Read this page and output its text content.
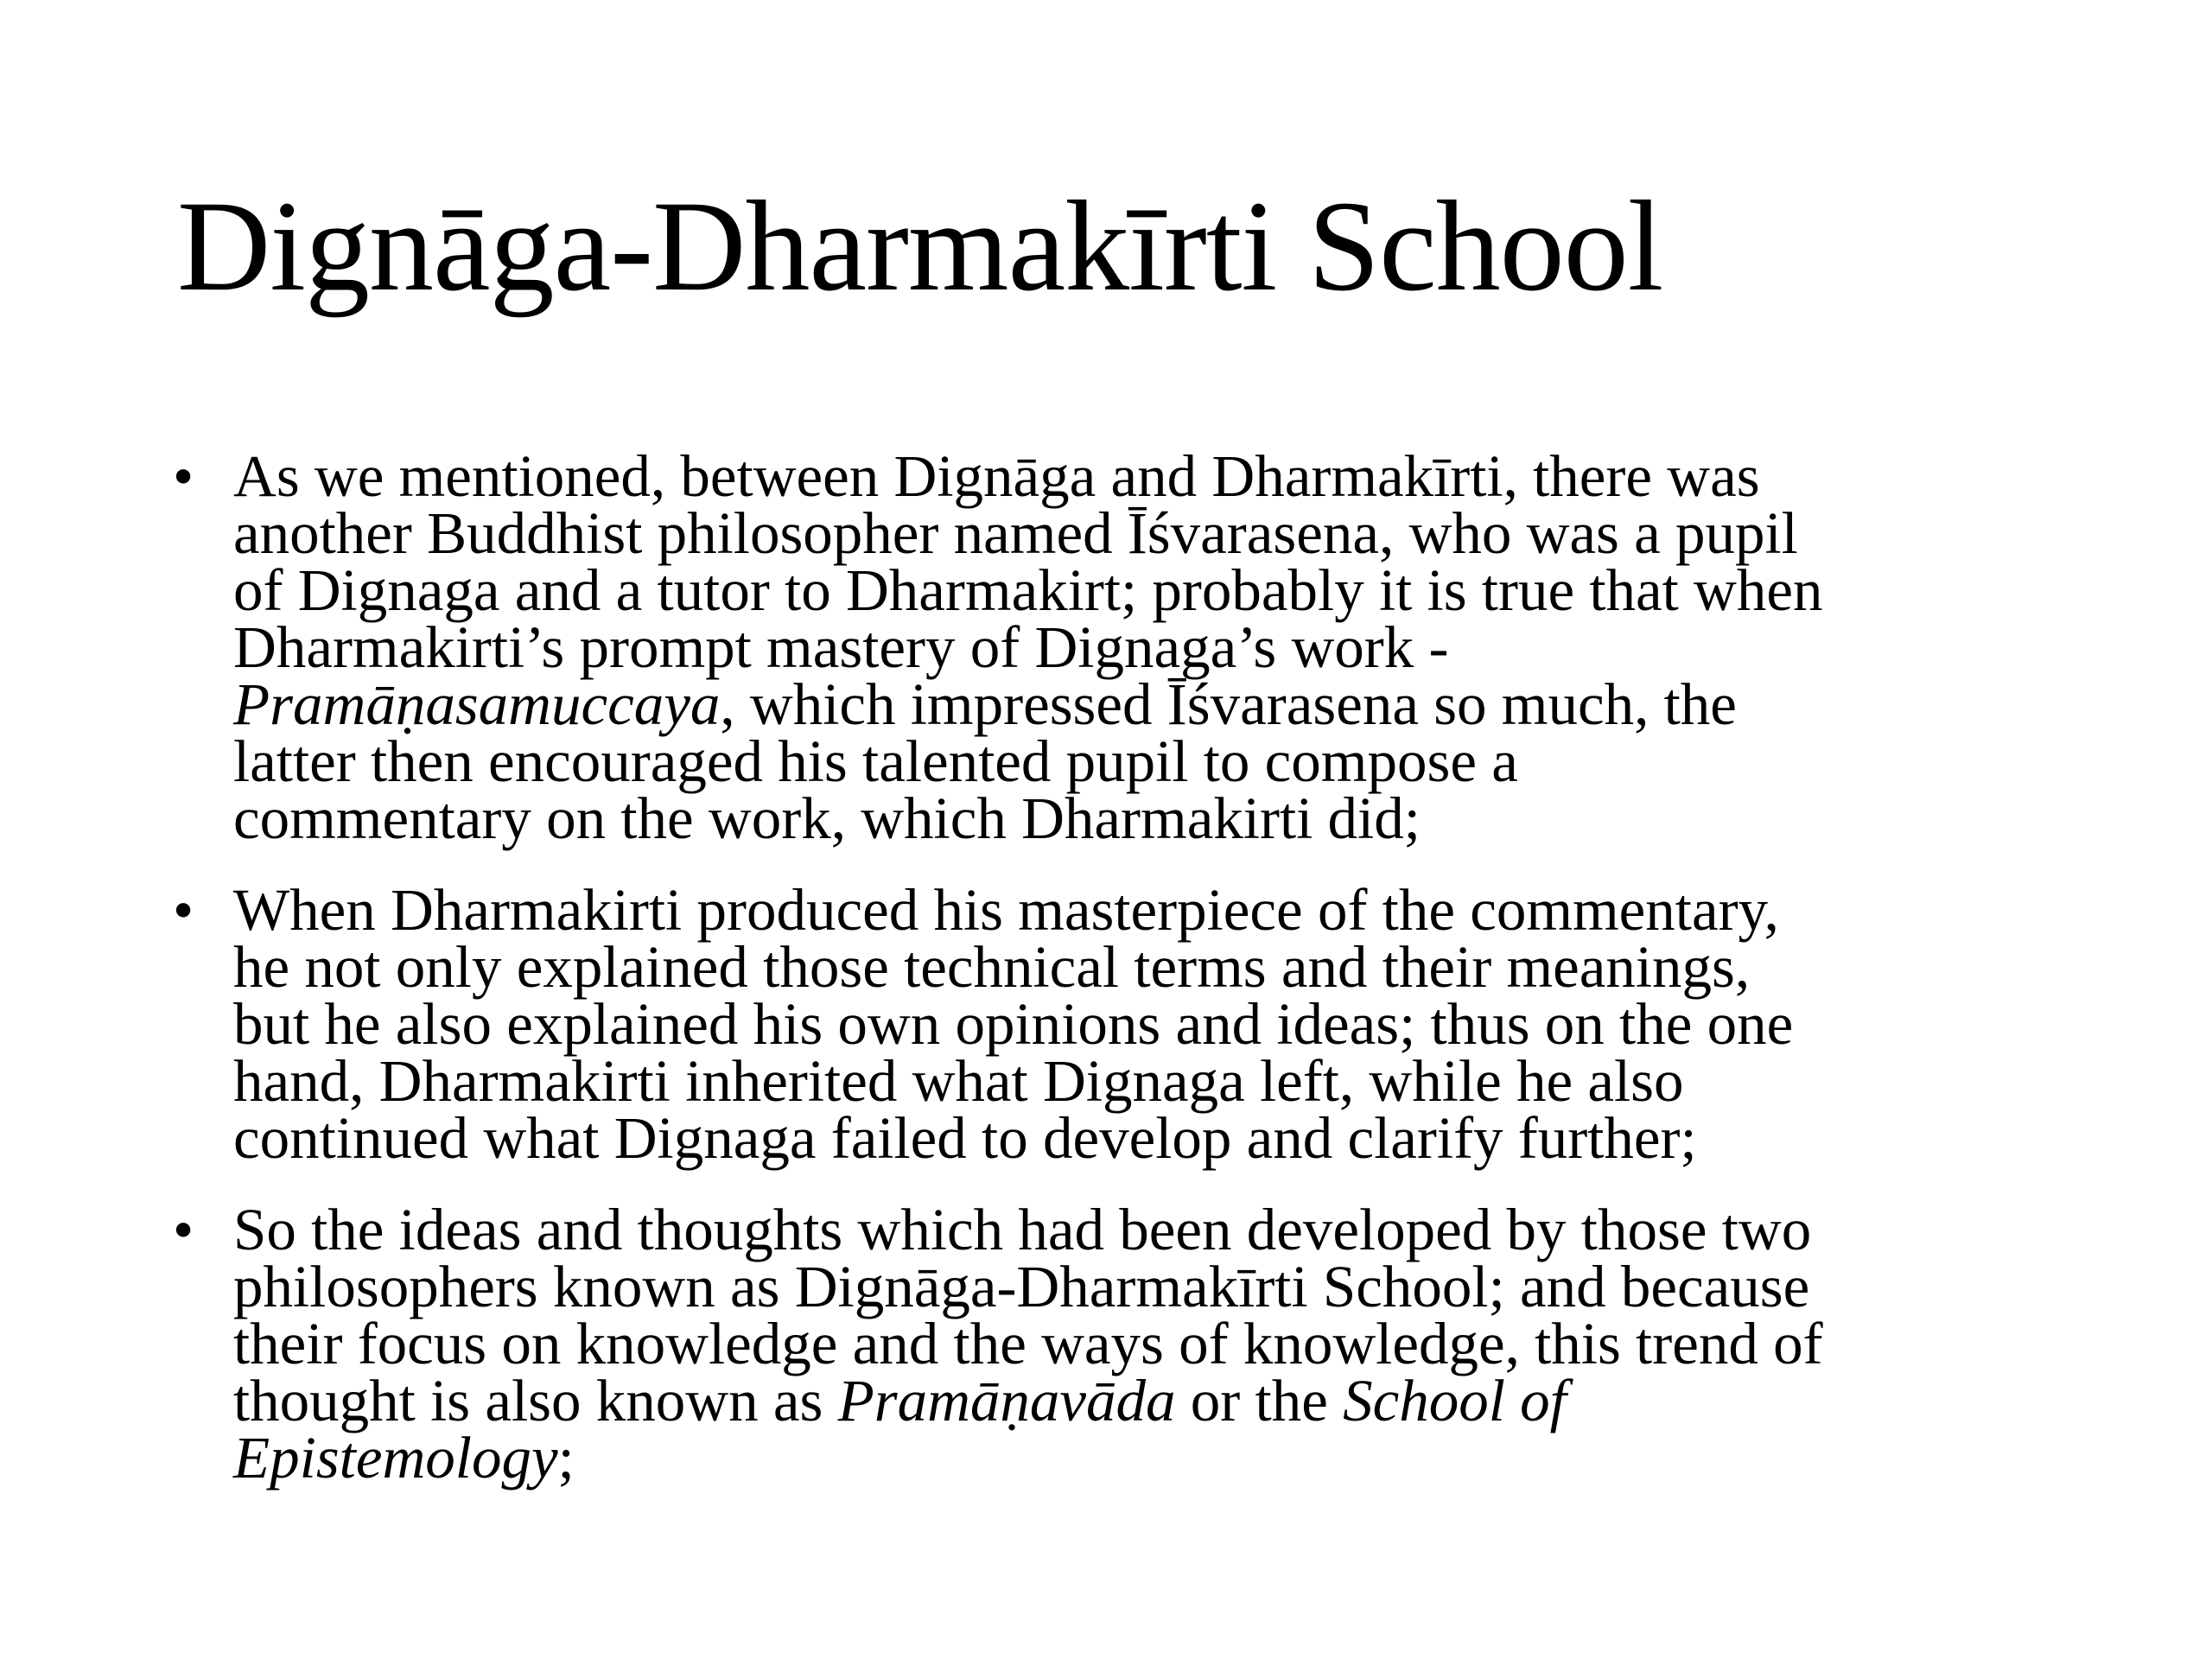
Dignāga-Dharmakīrti School
• As we mentioned, between Dignāga and Dharmakīrti, there was
another Buddhist philosopher named Īśvarasena, who was a pupil
of Dignaga and a tutor to Dharmakirt; probably it is true that when
Dharmakirti’s prompt mastery of Dignaga’s work -
Pramāṇasamuccaya, which impressed Īśvarasena so much, the
latter then encouraged his talented pupil to compose a
commentary on the work, which Dharmakirti did;
• When Dharmakirti produced his masterpiece of the commentary,
he not only explained those technical terms and their meanings,
but he also explained his own opinions and ideas; thus on the one
hand, Dharmakirti inherited what Dignaga left, while he also
continued what Dignaga failed to develop and clarify further;
• So the ideas and thoughts which had been developed by those two
philosophers known as Dignāga-Dharmakīrti School; and because
their focus on knowledge and the ways of knowledge, this trend of
thought is also known as Pramāṇavāda or the School of
Epistemology;
